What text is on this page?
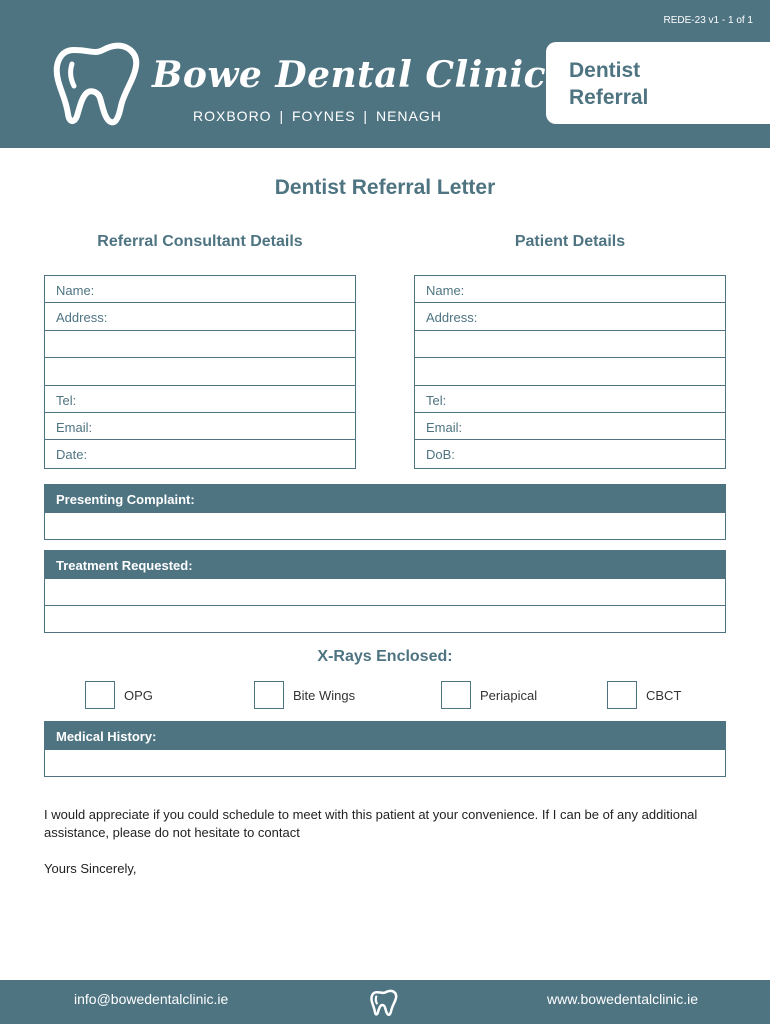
REDE-23 v1 - 1 of 1
Bowe Dental Clinic
ROXBORO | FOYNES | NENAGH
Dentist
Referral
Dentist Referral Letter
Referral Consultant Details	Patient Details
Name:
Address:
Tel:
Email:
Date:
Name:
Address:
Tel:
Email:
DoB:
Presenting Complaint:
Treatment Requested:
X-Rays Enclosed:
OPG	Bite Wings	Periapical	CBCT
Medical History:
I would appreciate if you could schedule to meet with this patient at your convenience. If I can be of any additional assistance, please do not hesitate to contact
Yours Sincerely,
info@bowedentalclinic.ie	www.bowedentalclinic.ie
